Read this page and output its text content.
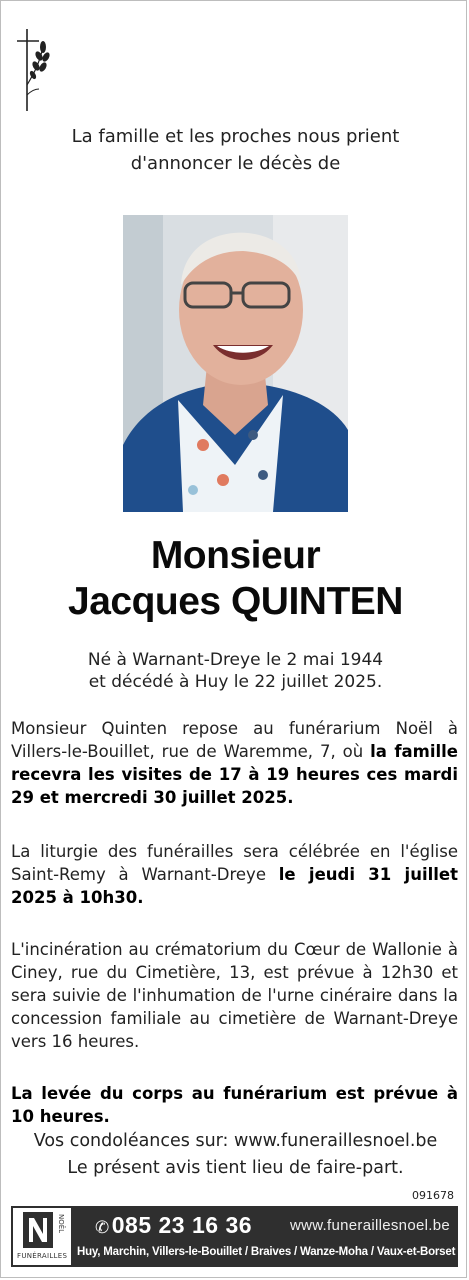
La famille et les proches nous prient
d'annoncer le décès de
Monsieur
Jacques QUINTEN
Né à Warnant-Dreye le 2 mai 1944
et décédé à Huy le 22 juillet 2025.
Monsieur Quinten repose au funérarium Noël à Villers-le-Bouillet, rue de Waremme, 7, où la famille recevra les visites de 17 à 19 heures ces mardi 29 et mercredi 30 juillet 2025.
La liturgie des funérailles sera célébrée en l'église Saint-Remy à Warnant-Dreye le jeudi 31 juillet 2025 à 10h30.
L'incinération au crématorium du Cœur de Wallonie à Ciney, rue du Cimetière, 13, est prévue à 12h30 et sera suivie de l'inhumation de l'urne cinéraire dans la concession familiale au cimetière de Warnant-Dreye vers 16 heures.
La levée du corps au funérarium est prévue à 10 heures.
Vos condoléances sur: www.funeraillesnoel.be
Le présent avis tient lieu de faire-part.
091678
NOËL
FUNÉRAILLES
✆085 23 16 36	www.funeraillesnoel.be
Huy, Marchin, Villers-le-Bouillet / Braives / Wanze-Moha / Vaux-et-Borset
